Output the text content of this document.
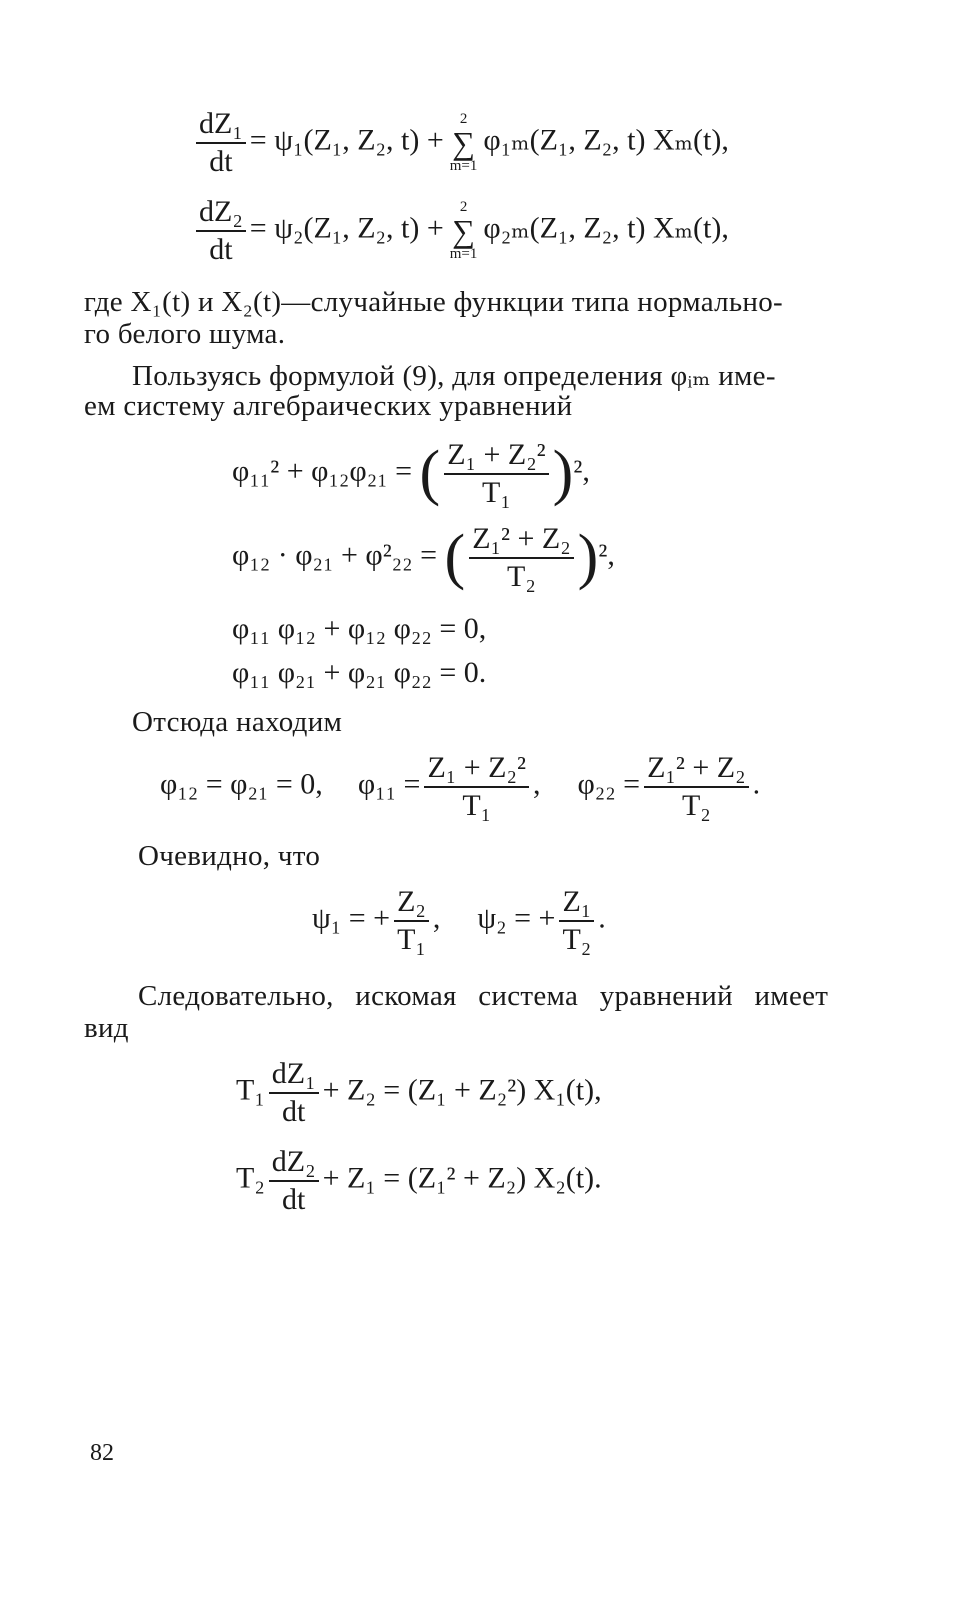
$\frac{\text{dZ₁}}{dt} = \psi_1(Z_1$, Z₂, t) +
2
∑
m=1
φ₁ₘ(Z₁, Z₂, t) Xₘ(t),
$\frac{\text{dZ₂}}{dt} = \psi_2(Z_1$, Z₂, t) +
2
∑
m=1
φ₂ₘ(Z₁, Z₂, t) Xₘ(t),
где X₁(t) и X₂(t)—случайные функции типа нормально-
го белого шума.
Пользуясь формулой (9), для определения φᵢₘ име-
ем систему алгебраических уравнений
φ₁₁² + φ₁₂φ₂₁ = ( $\frac{\text{Z₁ + Z₂²}}{\text{T₁}} )^2$,
φ₁₂ · φ₂₁ + φ²₂₂ = ( $\frac{\text{Z₁² + Z₂}}{\text{T₂}} )^2$,
φ₁₁ φ₁₂ + φ₁₂ φ₂₂ = 0,
φ₁₁ φ₂₁ + φ₂₁ φ₂₂ = 0.
Отсюда находим
φ₁₂ = φ₂₁ = 0, $\varphi_{11} = \frac{\text{Z₁ + Z₂²}}{\text{T₁}}$ , $\varphi_{22} = \frac{\text{Z₁² + Z₂}}{\text{T₂}}$ .
Очевидно, что
ψ₁ = + $\frac{\text{Z₂}}{\text{T₁}}$ , ψ₂ = + $\frac{\text{Z₁}}{\text{T₂}}$ .
Следовательно, искомая система уравнений имеет
вид
$T_1 \frac{\text{dZ₁}}{dt} + Z_2 = (Z_1 + Z_2^2)$ X₁(t),
$T_2 \frac{\text{dZ₂}}{dt} + Z_1 = (Z_1^2 + Z_2)$ X₂(t).
82
